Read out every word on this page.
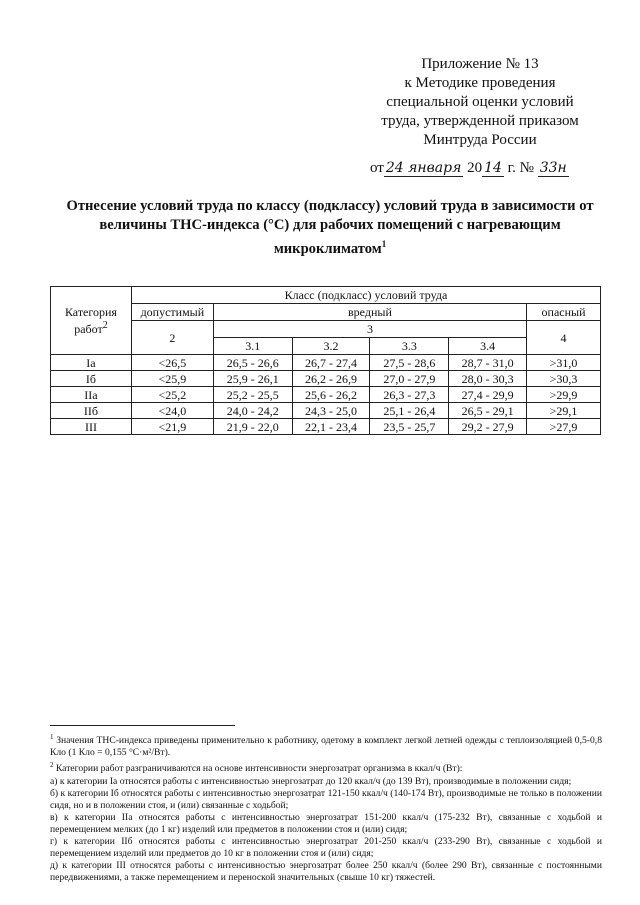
Приложение № 13
к Методике проведения
специальной оценки условий
труда, утвержденной приказом
Минтруда России
от 24 января 20 14 г. № 33н
Отнесение условий труда по классу (подклассу) условий труда в зависимости от величины ТНС-индекса (°С) для рабочих помещений с нагревающим микроклиматом$^1$
Категория работ$^2$	Класс (подкласс) условий труда					
	допустимый	вредный				опасный
	2	3				4
		3.1	3.2	3.3	3.4	
Ia	<26,5	26,5 - 26,6	26,7 - 27,4	27,5 - 28,6	28,7 - 31,0	>31,0
Iб	<25,9	25,9 - 26,1	26,2 - 26,9	27,0 - 27,9	28,0 - 30,3	>30,3
IIa	<25,2	25,2 - 25,5	25,6 - 26,2	26,3 - 27,3	27,4 - 29,9	>29,9
IIб	<24,0	24,0 - 24,2	24,3 - 25,0	25,1 - 26,4	26,5 - 29,1	>29,1
III	<21,9	21,9 - 22,0	22,1 - 23,4	23,5 - 25,7	29,2 - 27,9	>27,9

$^1$ Значения ТНС-индекса приведены применительно к работнику, одетому в комплект легкой летней одежды с теплоизоляцией 0,5-0,8 Кло (1 Кло = 0,155 °С·м²/Вт).

$^2$ Категории работ разграничиваются на основе интенсивности энергозатрат организма в ккал/ч (Вт):

а) к категории Ia относятся работы с интенсивностью энергозатрат до 120 ккал/ч (до 139 Вт), производимые в положении сидя;

б) к категории Iб относятся работы с интенсивностью энергозатрат 121-150 ккал/ч (140-174 Вт), производимые не только в положении сидя, но и в положении стоя, и (или) связанные с ходьбой;

в) к категории IIa относятся работы с интенсивностью энергозатрат 151-200 ккал/ч (175-232 Вт), связанные с ходьбой и перемещением мелких (до 1 кг) изделий или предметов в положении стоя и (или) сидя;

г) к категории IIб относятся работы с интенсивностью энергозатрат 201-250 ккал/ч (233-290 Вт), связанные с ходьбой и перемещением изделий или предметов до 10 кг в положении стоя и (или) сидя;

д) к категории III относятся работы с интенсивностью энергозатрат более 250 ккал/ч (более 290 Вт), связанные с постоянными передвижениями, а также перемещением и переноской значительных (свыше 10 кг) тяжестей.
